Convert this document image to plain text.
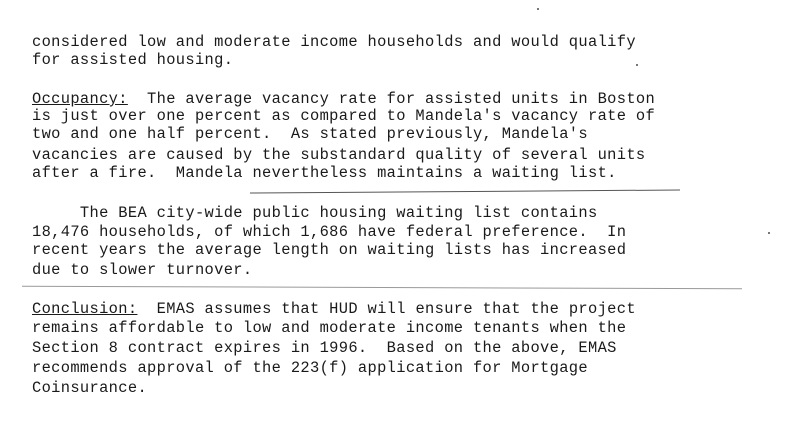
considered low and moderate income households and would qualify
for assisted housing.
Occupancy:  The average vacancy rate for assisted units in Boston
is just over one percent as compared to Mandela's vacancy rate of
two and one half percent.  As stated previously, Mandela's
vacancies are caused by the substandard quality of several units
after a fire.  Mandela nevertheless maintains a waiting list.
The BEA city-wide public housing waiting list contains
18,476 households, of which 1,686 have federal preference.  In
recent years the average length on waiting lists has increased
due to slower turnover.
Conclusion:  EMAS assumes that HUD will ensure that the project
remains affordable to low and moderate income tenants when the
Section 8 contract expires in 1996.  Based on the above, EMAS
recommends approval of the 223(f) application for Mortgage
Coinsurance.
